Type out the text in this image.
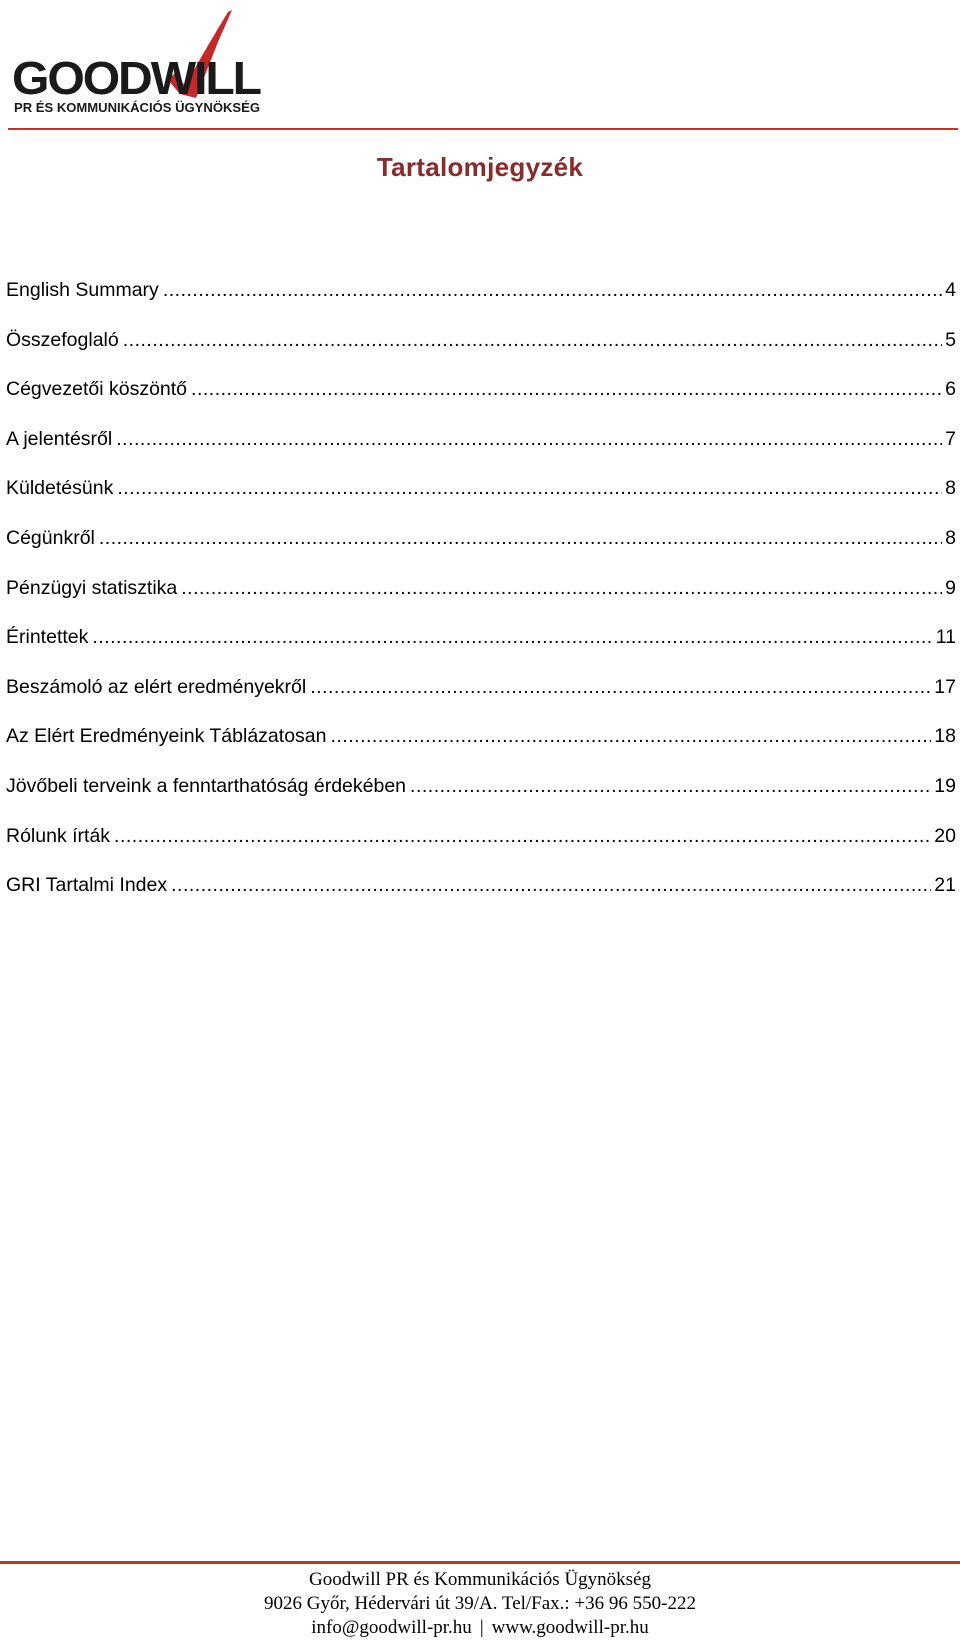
GOODWILL
PR ÉS KOMMUNIKÁCIÓS ÜGYNÖKSÉG
Tartalomjegyzék
English Summary .....	4
Összefoglaló .....	5
Cégvezetői köszöntő .....	6
A jelentésről .....	7
Küldetésünk .....	8
Cégünkről .....	8
Pénzügyi statisztika .....	9
Érintettek .....	11
Beszámoló az elért eredményekről .....	17
Az Elért Eredményeink Táblázatosan .....	18
Jövőbeli terveink a fenntarthatóság érdekében .....	19
Rólunk írták .....	20
GRI Tartalmi Index .....	21
Goodwill PR és Kommunikációs Ügynökség
9026 Győr, Hédervári út 39/A. Tel/Fax.: +36 96 550-222
info@goodwill-pr.hu | www.goodwill-pr.hu
